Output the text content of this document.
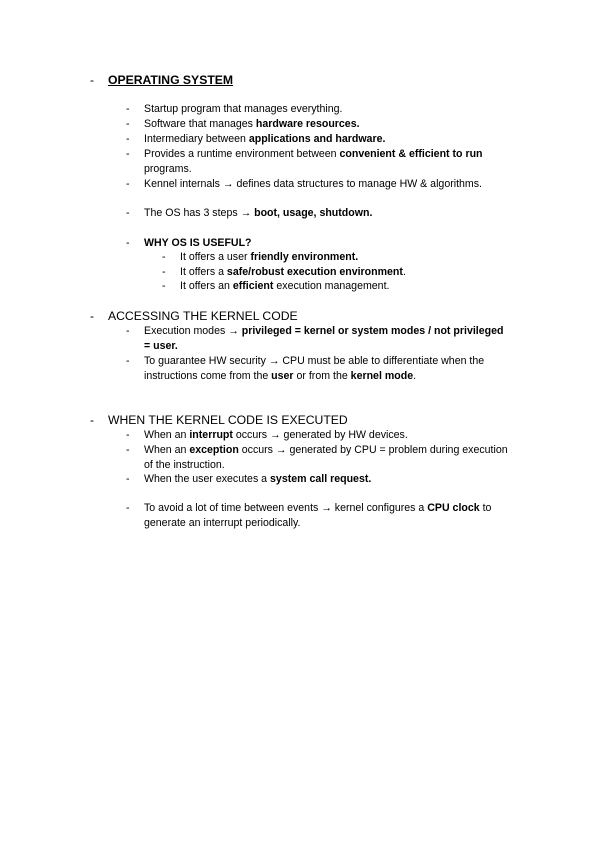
- OPERATING SYSTEM
- Startup program that manages everything.
- Software that manages hardware resources.
- Intermediary between applications and hardware.
- Provides a runtime environment between convenient & efficient to run
programs.
- Kennel internals → defines data structures to manage HW & algorithms.
- The OS has 3 steps → boot, usage, shutdown.
- WHY OS IS USEFUL?
- It offers a user friendly environment.
- It offers a safe/robust execution environment.
- It offers an efficient execution management.
- ACCESSING THE KERNEL CODE
- Execution modes → privileged = kernel or system modes / not privileged
= user.
- To guarantee HW security → CPU must be able to differentiate when the
instructions come from the user or from the kernel mode.
- WHEN THE KERNEL CODE IS EXECUTED
- When an interrupt occurs → generated by HW devices.
- When an exception occurs → generated by CPU = problem during execution
of the instruction.
- When the user executes a system call request.
- To avoid a lot of time between events → kernel configures a CPU clock to
generate an interrupt periodically.
